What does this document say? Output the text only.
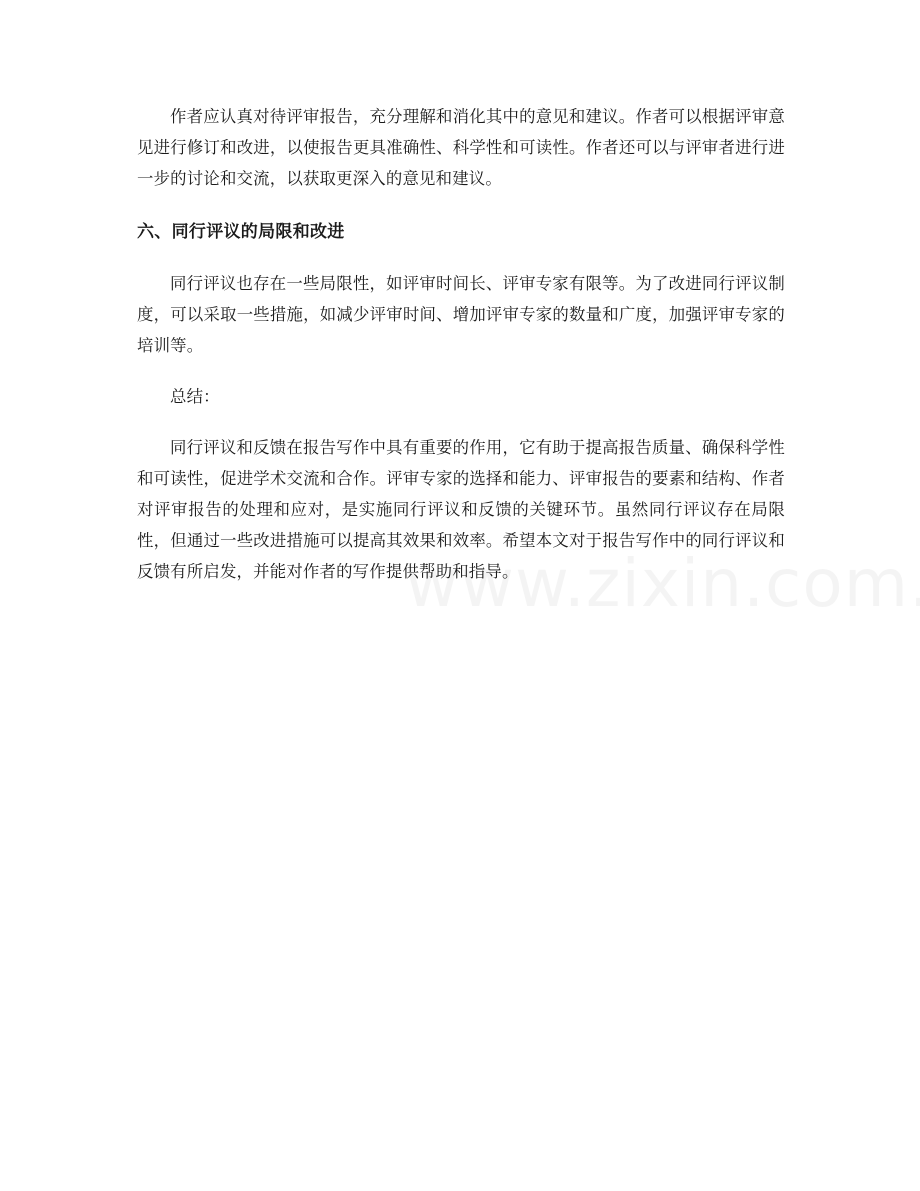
作者应认真对待评审报告，充分理解和消化其中的意见和建议。作者可以根据评审意见进行修订和改进，以使报告更具准确性、科学性和可读性。作者还可以与评审者进行进一步的讨论和交流，以获取更深入的意见和建议。

六、同行评议的局限和改进

同行评议也存在一些局限性，如评审时间长、评审专家有限等。为了改进同行评议制度，可以采取一些措施，如减少评审时间、增加评审专家的数量和广度，加强评审专家的培训等。

总结：

同行评议和反馈在报告写作中具有重要的作用，它有助于提高报告质量、确保科学性和可读性，促进学术交流和合作。评审专家的选择和能力、评审报告的要素和结构、作者对评审报告的处理和应对，是实施同行评议和反馈的关键环节。虽然同行评议存在局限性，但通过一些改进措施可以提高其效果和效率。希望本文对于报告写作中的同行评议和反馈有所启发，并能对作者的写作提供帮助和指导。
